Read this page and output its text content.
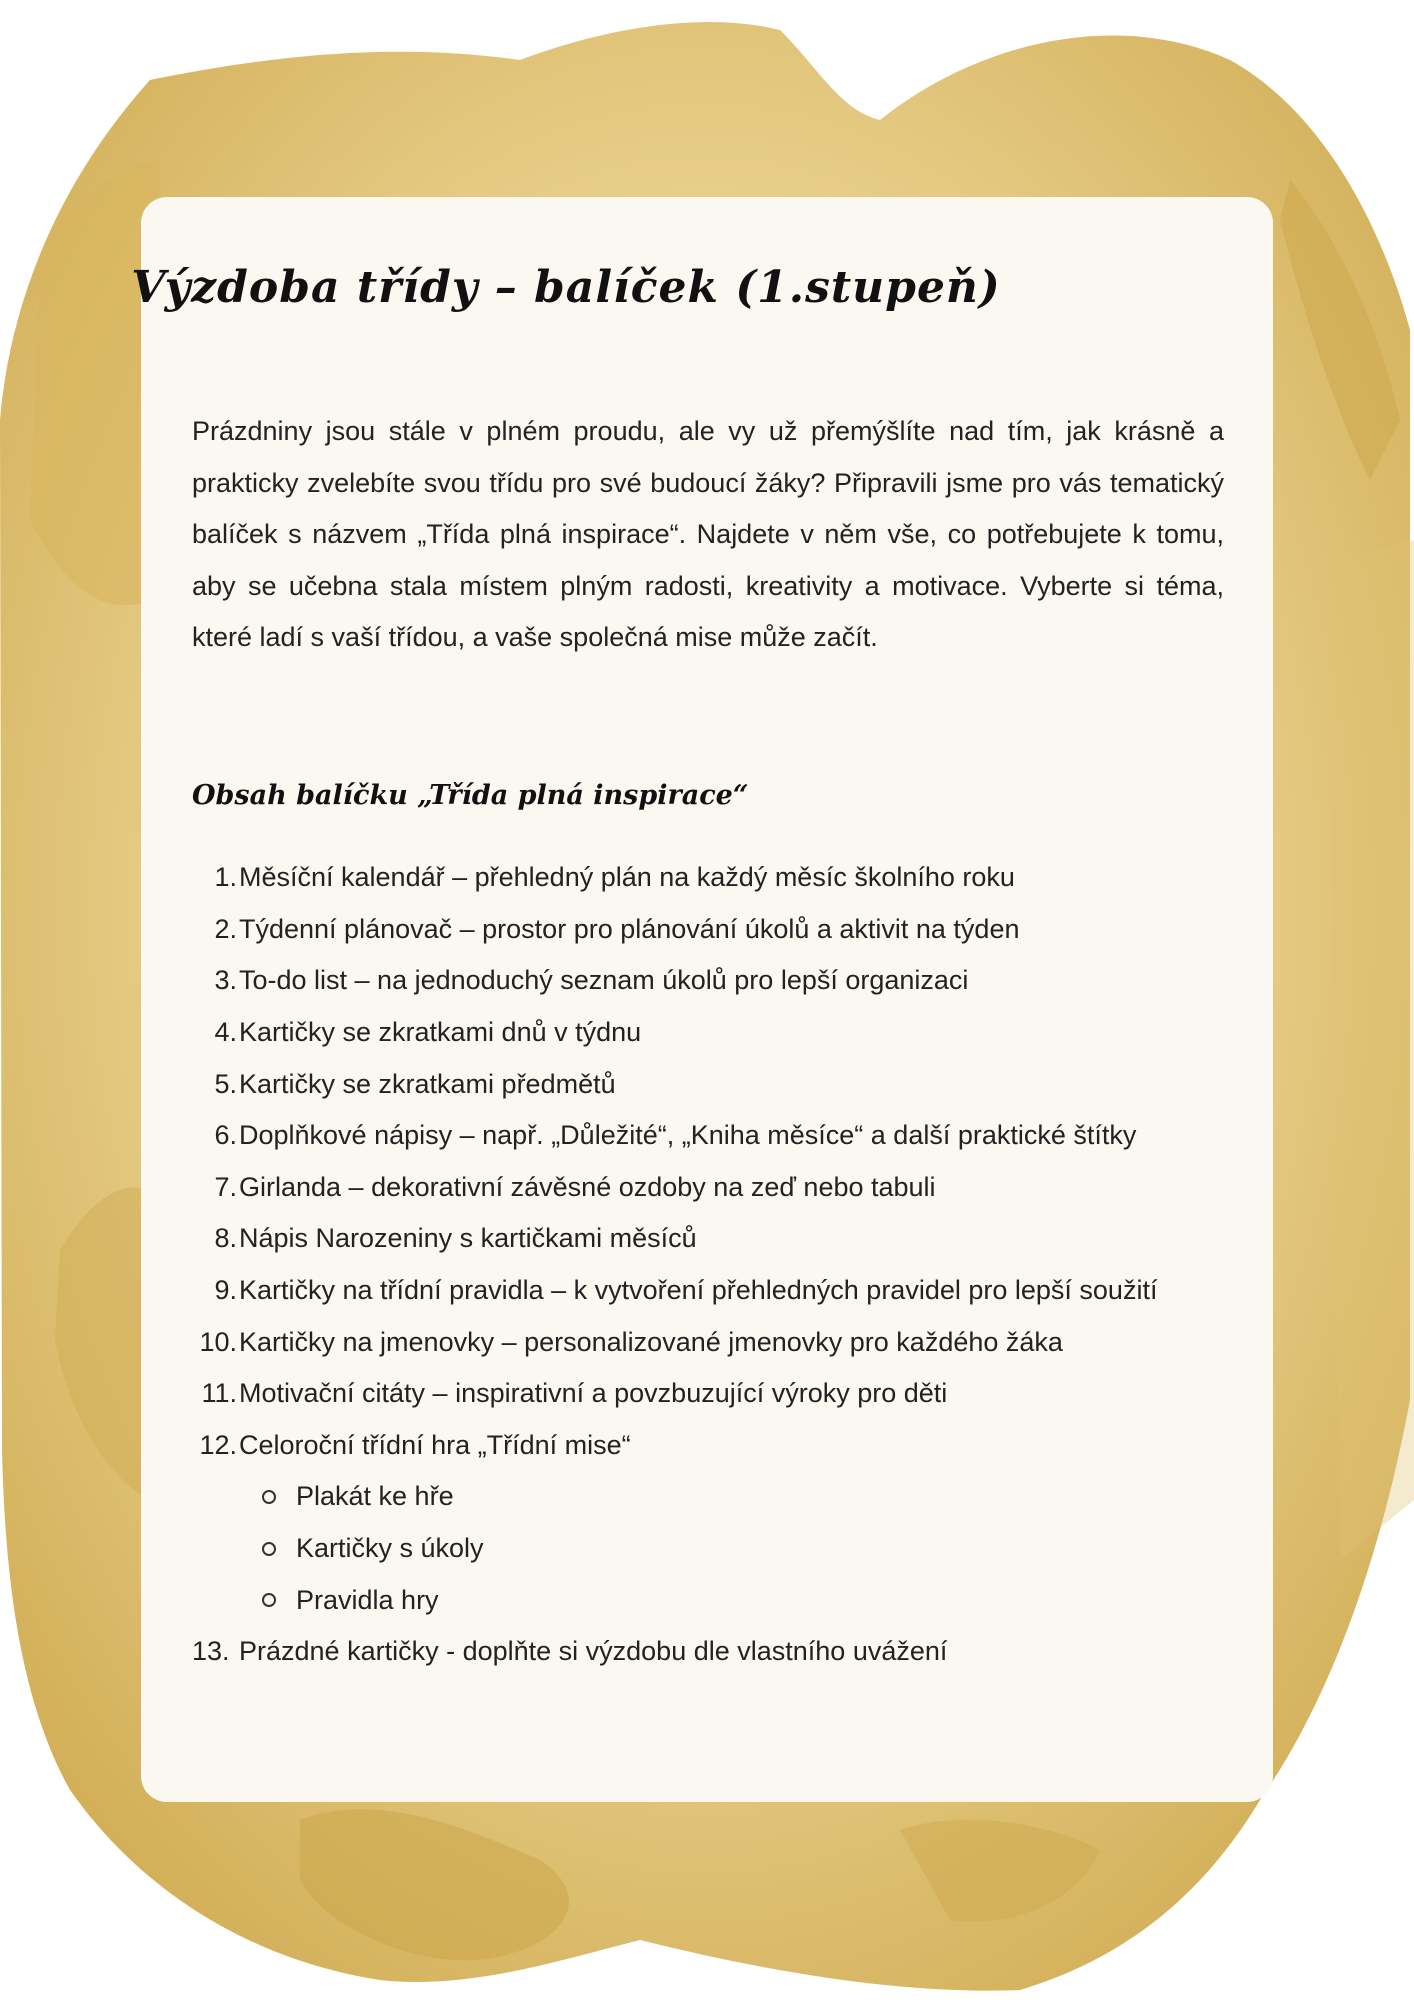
Výzdoba třídy – balíček (1.stupeň)

Prázdniny jsou stále v plném proudu, ale vy už přemýšlíte nad tím, jak krásně a prakticky zvelebíte svou třídu pro své budoucí žáky? Připravili jsme pro vás tematický balíček s názvem „Třída plná inspirace“. Najdete v něm vše, co potřebujete k tomu, aby se učebna stala místem plným radosti, kreativity a motivace. Vyberte si téma, které ladí s vaší třídou, a vaše společná mise může začít.

Obsah balíčku „Třída plná inspirace“
1. Měsíční kalendář – přehledný plán na každý měsíc školního roku
2. Týdenní plánovač – prostor pro plánování úkolů a aktivit na týden
3. To-do list – na jednoduchý seznam úkolů pro lepší organizaci
4. Kartičky se zkratkami dnů v týdnu
5. Kartičky se zkratkami předmětů
6. Doplňkové nápisy – např. „Důležité“, „Kniha měsíce“ a další praktické štítky
7. Girlanda – dekorativní závěsné ozdoby na zeď nebo tabuli
8. Nápis Narozeniny s kartičkami měsíců
9. Kartičky na třídní pravidla – k vytvoření přehledných pravidel pro lepší soužití
10. Kartičky na jmenovky – personalizované jmenovky pro každého žáka
11. Motivační citáty – inspirativní a povzbuzující výroky pro děti
12. Celoroční třídní hra „Třídní mise“
Plakát ke hře
Kartičky s úkoly
Pravidla hry
13. Prázdné kartičky - doplňte si výzdobu dle vlastního uvážení
